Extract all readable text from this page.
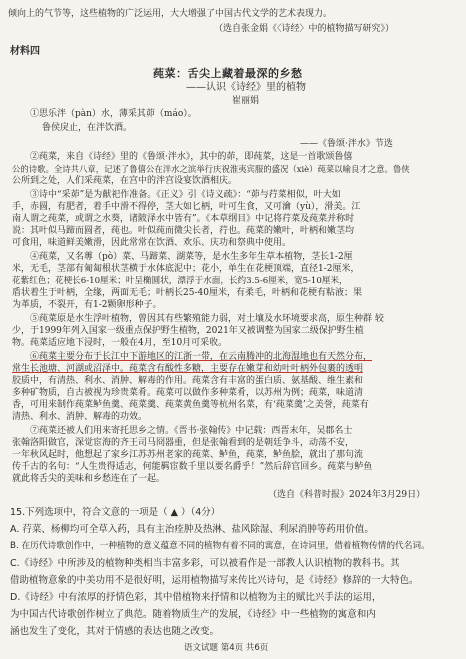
倾向上的气节等，这些植物的广泛运用，大大增强了中国古代文学的艺术表现力。
（选自张金娟《〈诗经〉中的植物描写研究》）
材料四
莼菜：舌尖上藏着最深的乡愁
——认识《诗经》里的植物
崔丽娟
①思乐泮（pàn）水，薄采其茆（máo）。
鲁侯戾止，在泮饮酒。
——《鲁颂·泮水》节选
②莼菜，来自《诗经》里的《鲁颂·泮水》，其中的茆，即莼菜，这是一首歌颂鲁僖
公的诗歌。全诗共八章，记述了鲁僖公在泮水之滨举行庆祝淮夷宾服的盛况（xiè）莼菜以喻良才之意。鲁侠
公所到之处，人们采莼菜，在宫中的泮宫设宴饮酒相庆。
③诗中“采茆”是为献祀作准备。《正义》引《诗义疏》：“茆与荇菜相似，叶大如
手，赤圆，有肥者，着手中滑不得停，茎大如匕柄，叶可生食，又可瀹（yù），滑美。江
南人谓之莼菜，或谓之水葵，诸陂泽水中皆有”。《本草纲目》中记将荇菜及莼菜并称时
说：其叶似马蹄而圆者，莼也。叶似莼而微尖长者，荇也。莼菜的嫩叶，叶柄和嫩茎均
可食用，味道鲜美嫩滑，因此常常在饮酒、欢乐、庆功和祭典中使用。
④莼菜，又名蓴（pò）菜、马蹄菜、湖菜等，是水生多年生草本植物，茎长1-2厘
米，无毛，茎部有匍匐根状茎横于水体底泥中；花小，单生在花梗顶端，直径1-2厘米，
花紫红色；花梗长6-10厘米；叶呈椭圆状，漂浮于水面，长约3.5-6厘米，宽5-10厘米，
盾状着生于叶柄，全缘，两面无毛；叶柄长25-40厘米，有柔毛，叶柄和花梗有粘液；果
为革质，不裂开，有1-2颗卵形种子。
⑤莼菜原是水生浮叶植物，曾因其有些繁殖能力弱，对土壤及水环境要求高，原生种群 较
少，于1999年列入国家一级重点保护野生植物，2021年又被调整为国家二级保护野生植
物。莼菜适应地下浸时，一般在4月，至10月可采收。
⑥莼菜主要分布于长江中下游地区的江浙一带，在云南腾冲的北海湿地也有天然分布，
常生长池塘、河湖或沼泽中。莼菜含有酸性多糖，主要存在嫩芽和幼叶叶柄外包裹的透明
胶质中，有清热、利水、消肿、解毒的作用。莼菜含有丰富的蛋白质、氨基酸、维生素和
多种矿物质，自古被视为珍贵菜肴。莼菜可以做作多种菜肴，以苏州为例；莼菜，味道清
香，可用来制作莼菜鲈鱼羹、莼菜羹、莼菜黄鱼羹等杭州名菜，有‘莼菜羹’之美誉，莼菜有
清热、利水、消肿、解毒的功效。
⑦莼菜还被人们用来寄托思乡之情。《晋书·张翰传》中记载：西晋末年，吴郡名士
张翰洛阳做官，深觉宦海的齐王司马冏器重，但是张翰看到的是朝廷争斗，动荡不安，
一年秋风起时，他想起了家乡江苏苏州老家的莼菜、鲈鱼，莼菜，鲈鱼脍，就出了那句流
传千古的名句：“人生贵得适志，何能羁宦数千里以要名爵乎！”然后辞官回乡。莼菜与鲈鱼
就此将舌尖的美味和乡愁连在了一起。
（选自《科普时报》2024年3月29日）
15.下列选项中，符合文意的一项是（ ▲ ）（4分）
A. 荇菜、杨柳均可全草入药，具有主治痊肿及热淋、盐风除湿、利尿消肿等药用价值。
B. 在历代诗歌创作中，一种植物的意义蕴意不同的植物有着不同的寓意，在诗词里，借着植物传情的代名词。
C.《诗经》中所涉及的植物种类相当丰富多彩，可以被看作是一部教人认识植物的教科书。其
借助植物意象的中美功用不是很好明，运用植物描写来传比兴诗句，是《诗经》修辞的一大特色。
D.《诗经》中有浓厚的抒情色彩，其中借植物来抒情和以植物为主的赋比兴手法的运用，
为中国古代诗歌创作树立了典范。随着物质生产的发展，《诗经》中一些植物的寓意和内
涵也发生了变化，其对于情感的表达也随之改变。
语文试题 第4页 共6页
